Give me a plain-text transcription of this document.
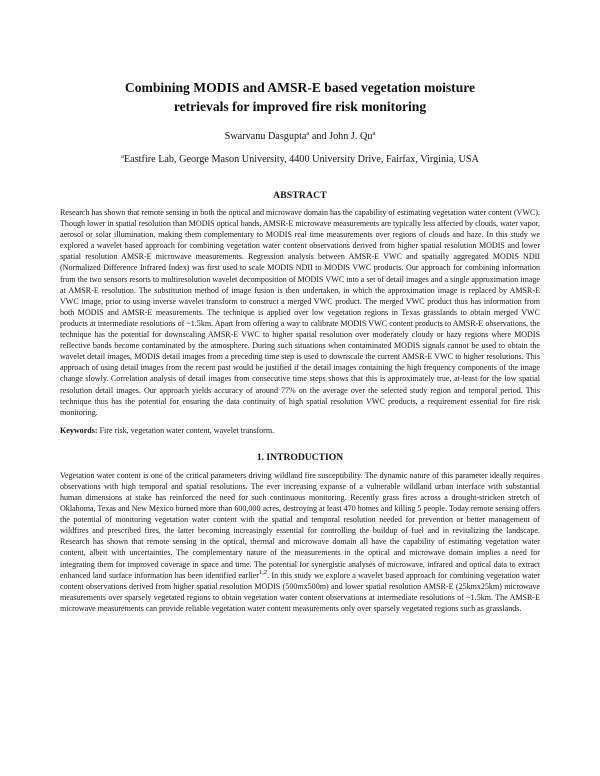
Combining MODIS and AMSR-E based vegetation moisture
retrievals for improved fire risk monitoring
Swarvanu Dasgupta$^a$ and John J. Qu$^a$
$^a$Eastfire Lab, George Mason University, 4400 University Drive, Fairfax, Virginia, USA
ABSTRACT
Research has shown that remote sensing in both the optical and microwave domain has the capability of estimating vegetation water content (VWC). Though lower in spatial resolution than MODIS optical bands, AMSR-E microwave measurements are typically less affected by clouds, water vapor, aerosol or solar illumination, making them complementary to MODIS real time measurements over regions of clouds and haze. In this study we explored a wavelet based approach for combining vegetation water content observations derived from higher spatial resolution MODIS and lower spatial resolution AMSR-E microwave measurements. Regression analysis between AMSR-E VWC and spatially aggregated MODIS NDII (Normalized Difference Infrared Index) was first used to scale MODIS NDII to MODIS VWC products. Our approach for combining information from the two sensors resorts to multiresolution wavelet decomposition of MODIS VWC into a set of detail images and a single approximation image at AMSR-E resolution. The substitution method of image fusion is then undertaken, in which the approximation image is replaced by AMSR-E VWC image, prior to using inverse wavelet transform to construct a merged VWC product. The merged VWC product thus has information from both MODIS and AMSR-E measurements. The technique is applied over low vegetation regions in Texas grasslands to obtain merged VWC products at intermediate resolutions of ~1.5km. Apart from offering a way to calibrate MODIS VWC content products to AMSR-E observations, the technique has the potential for downscaling AMSR-E VWC to higher spatial resolution over moderately cloudy or hazy regions where MODIS reflective bands become contaminated by the atmosphere. During such situations when contaminated MODIS signals cannot be used to obtain the wavelet detail images, MODIS detail images from a preceding time step is used to downscale the current AMSR-E VWC to higher resolutions. This approach of using detail images from the recent past would be justified if the detail images containing the high frequency components of the image change slowly. Correlation analysis of detail images from consecutive time steps shows that this is approximately true, at-least for the low spatial resolution detail images. Our approach yields accuracy of around 77% on the average over the selected study region and temporal period. This technique thus has the potential for ensuring the data continuity of high spatial resolution VWC products, a requirement essential for fire risk monitoring.
Keywords: Fire risk, vegetation water content, wavelet transform.
1. INTRODUCTION
Vegetation water content is one of the critical parameters driving wildland fire susceptibility. The dynamic nature of this parameter ideally requires observations with high temporal and spatial resolutions. The ever increasing expanse of a vulnerable wildland urban interface with substantial human dimensions at stake has reinforced the need for such continuous monitoring. Recently grass fires across a drought-stricken stretch of Oklahoma, Texas and New Mexico burned more than 600,000 acres, destroying at least 470 homes and killing 5 people. Today remote sensing offers the potential of monitoring vegetation water content with the spatial and temporal resolution needed for prevention or better management of wildfires and prescribed fires, the latter becoming increasingly essential for controlling the buildup of fuel and in revitalizing the landscape. Research has shown that remote sensing in the optical, thermal and microwave domain all have the capability of estimating vegetation water content, albeit with uncertainties. The complementary nature of the measurements in the optical and microwave domain implies a need for integrating them for improved coverage in space and time. The potential for synergistic analyses of microwave, infrared and optical data to extract enhanced land surface information has been identified earlier$^{1,2}$. In this study we explore a wavelet based approach for combining vegetation water content observations derived from higher spatial resolution MODIS (500mx500m) and lower spatial resolution AMSR-E (25kmx25km) microwave measurements over sparsely vegetated regions to obtain vegetation water content observations at intermediate resolutions of ~1.5km. The AMSR-E microwave measurements can provide reliable vegetation water content measurements only over sparsely vegetated regions such as grasslands.
